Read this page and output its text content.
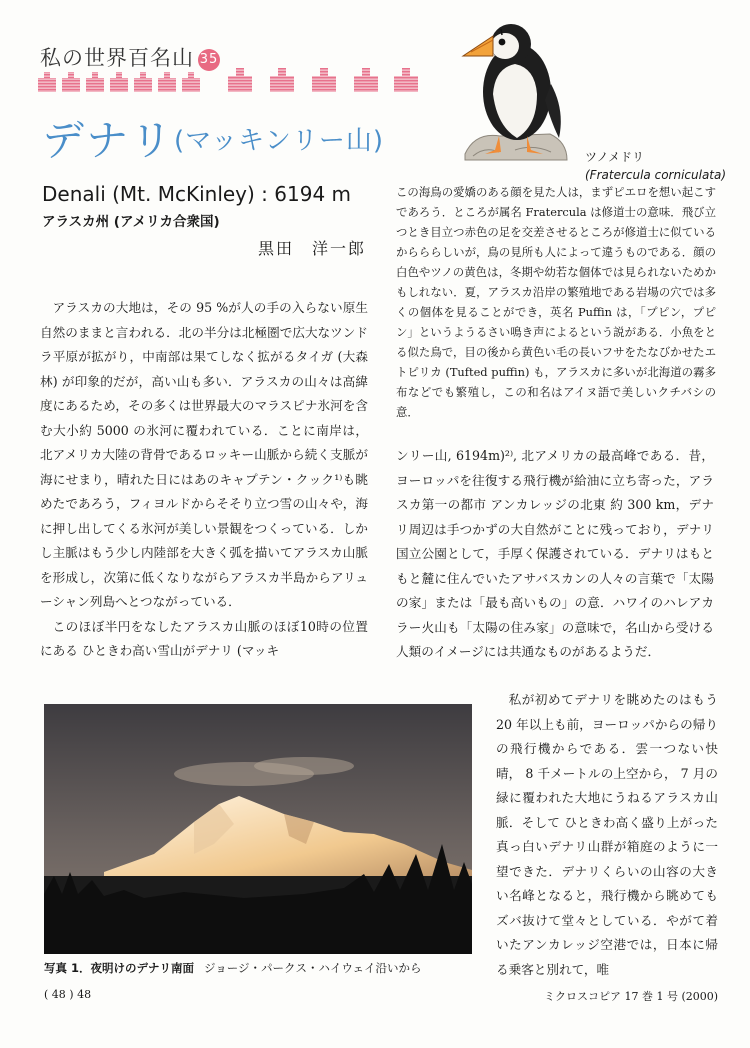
私の世界百名山 35
デナリ(マッキンリー山)
ツノメドリ
(Fratercula corniculata)
Denali (Mt. McKinley) : 6194 m
アラスカ州 (アメリカ合衆国)
黒田　洋一郎
この海鳥の愛嬌のある顔を見た人は，まずピエロを想い起こすであろう．ところが属名 Fratercula は修道士の意味．飛び立つとき目立つ赤色の足を交差させるところが修道士に似ているからららしいが，鳥の見所も人によって違うものである．顔の白色やツノの黄色は，冬期や幼若な個体では見られないためかもしれない．夏，アラスカ沿岸の繁殖地である岩場の穴では多くの個体を見ることができ，英名 Puffin は，「プピン，プピン」というようるさい鳴き声によるという説がある．小魚をとる似た鳥で，目の後から黄色い毛の長いフサをたなびかせたエトピリカ (Tufted puffin) も，アラスカに多いが北海道の霧多布などでも繁殖し，この和名はアイヌ語で美しいクチバシの意．

アラスカの大地は，その 95 %が人の手の入らない原生自然のままと言われる．北の半分は北極圏で広大なツンドラ平原が拡がり，中南部は果てしなく拡がるタイガ (大森林) が印象的だが，高い山も多い．アラスカの山々は高緯度にあるため，その多くは世界最大のマラスピナ氷河を含む大小約 5000 の氷河に覆われている．ことに南岸は，北アメリカ大陸の背骨であるロッキー山脈から続く支脈が海にせまり，晴れた日にはあのキャプテン・クック¹⁾も眺めたであろう，フィヨルドからそそり立つ雪の山々や，海に押し出してくる氷河が美しい景観をつくっている．しかし主脈はもう少し内陸部を大きく弧を描いてアラスカ山脈を形成し，次第に低くなりながらアラスカ半島からアリューシャン列島へとつながっている．

このほぼ半円をなしたアラスカ山脈のほぼ10時の位置にある ひときわ高い雪山がデナリ (マッキ

ンリー山, 6194m)²⁾, 北アメリカの最高峰である．昔，ヨーロッパを往復する飛行機が給油に立ち寄った，アラスカ第一の都市 アンカレッジの北東 約 300 km，デナリ周辺は手つかずの大自然がことに残っており，デナリ国立公園として，手厚く保護されている．デナリはもともと麓に住んでいたアサバスカンの人々の言葉で「太陽の家」または「最も高いもの」の意．ハワイのハレアカラー火山も「太陽の住み家」の意味で，名山から受ける人類のイメージには共通なものがあるようだ．

写真 1．夜明けのデナリ南面 ジョージ・パークス・ハイウェイ沿いから

私が初めてデナリを眺めたのはもう 20 年以上も前，ヨーロッパからの帰りの飛行機からである．雲一つない快晴， 8 千メートルの上空から， 7 月の緑に覆われた大地にうねるアラスカ山脈．そして ひときわ高く盛り上がった真っ白いデナリ山群が箱庭のように一望できた．デナリくらいの山容の大きい名峰となると，飛行機から眺めてもズバ抜けて堂々としている．やがて着いたアンカレッジ空港では，日本に帰る乗客と別れて，唯

( 48 ) 48	ミクロスコピア 17 巻 1 号 (2000)
